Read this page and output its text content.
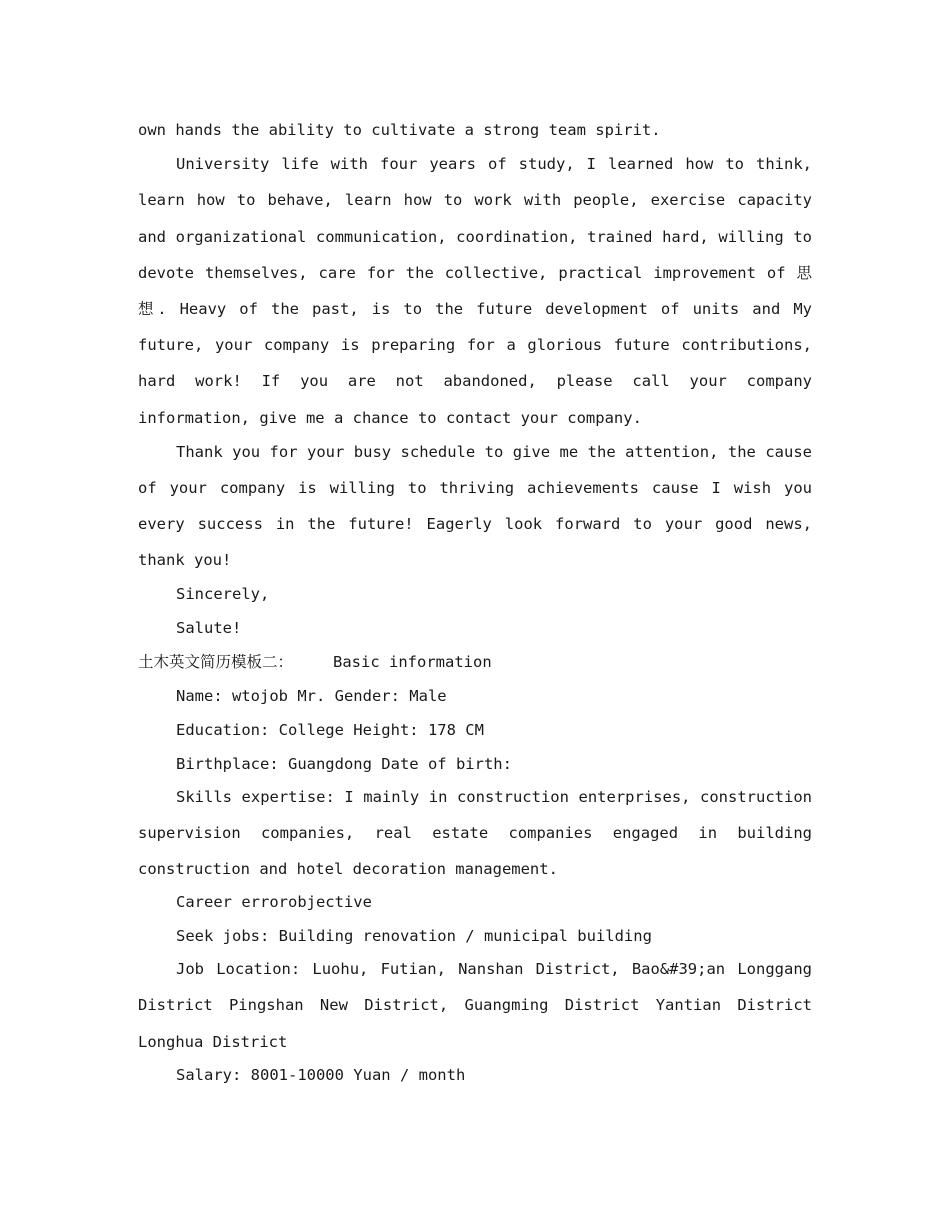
own hands the ability to cultivate a strong team spirit.

University life with four years of study, I learned how to think, learn how to behave, learn how to work with people, exercise capacity and organizational communication, coordination, trained hard, willing to devote themselves, care for the collective, practical improvement of 思想. Heavy of the past, is to the future development of units and My future, your company is preparing for a glorious future contributions, hard work! If you are not abandoned, please call your company information, give me a chance to contact your company.

Thank you for your busy schedule to give me the attention, the cause of your company is willing to thriving achievements cause I wish you every success in the future! Eagerly look forward to your good news, thank you!

Sincerely,
Salute!
土木英文简历模板二：	Basic information
Name: wtojob Mr. Gender: Male
Education: College Height: 178 CM
Birthplace: Guangdong Date of birth:

Skills expertise: I mainly in construction enterprises, construction supervision companies, real estate companies engaged in building construction and hotel decoration management.

Career errorobjective
Seek jobs: Building renovation / municipal building

Job Location: Luohu, Futian, Nanshan District, Bao&#39;an Longgang District Pingshan New District, Guangming District Yantian District Longhua District

Salary: 8001-10000 Yuan / month
